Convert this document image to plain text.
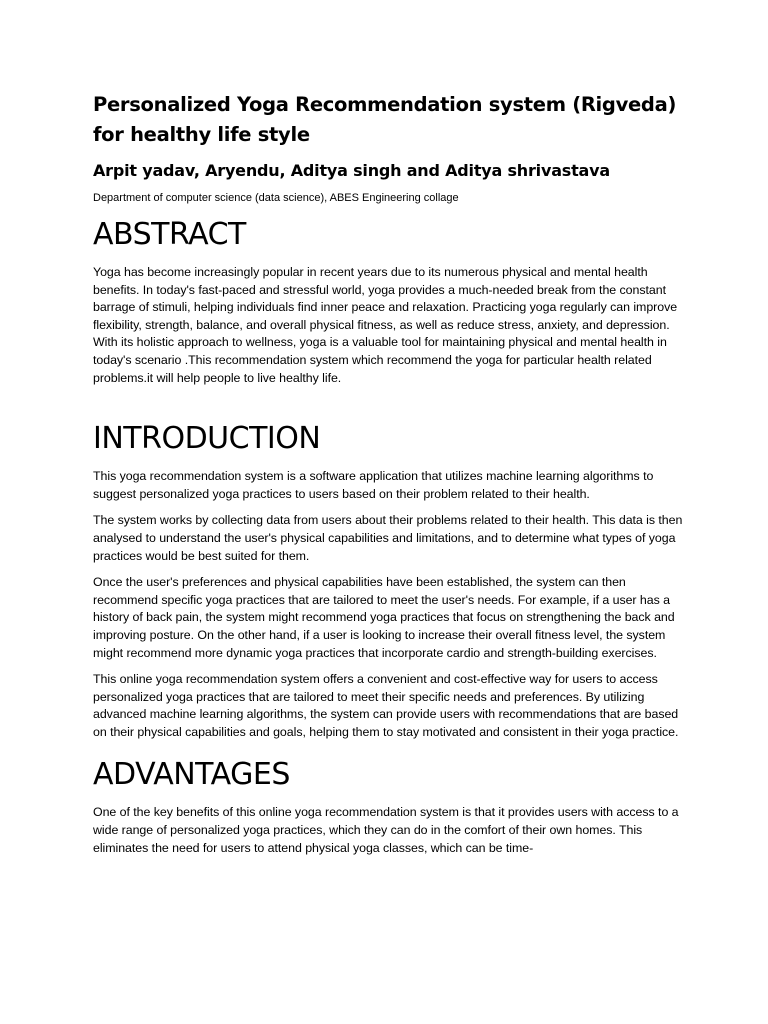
Personalized Yoga Recommendation system (Rigveda) for healthy life style

Arpit yadav, Aryendu, Aditya singh and Aditya shrivastava

Department of computer science (data science), ABES Engineering collage

ABSTRACT

Yoga has become increasingly popular in recent years due to its numerous physical and mental health benefits. In today's fast-paced and stressful world, yoga provides a much-needed break from the constant barrage of stimuli, helping individuals find inner peace and relaxation. Practicing yoga regularly can improve flexibility, strength, balance, and overall physical fitness, as well as reduce stress, anxiety, and depression. With its holistic approach to wellness, yoga is a valuable tool for maintaining physical and mental health in today's scenario .This recommendation system which recommend the yoga for particular health related problems.it will help people to live healthy life.

INTRODUCTION

This yoga recommendation system is a software application that utilizes machine learning algorithms to suggest personalized yoga practices to users based on their problem related to their health.

The system works by collecting data from users about their problems related to their health. This data is then analysed to understand the user's physical capabilities and limitations, and to determine what types of yoga practices would be best suited for them.

Once the user's preferences and physical capabilities have been established, the system can then recommend specific yoga practices that are tailored to meet the user's needs. For example, if a user has a history of back pain, the system might recommend yoga practices that focus on strengthening the back and improving posture. On the other hand, if a user is looking to increase their overall fitness level, the system might recommend more dynamic yoga practices that incorporate cardio and strength-building exercises.

This online yoga recommendation system offers a convenient and cost-effective way for users to access personalized yoga practices that are tailored to meet their specific needs and preferences. By utilizing advanced machine learning algorithms, the system can provide users with recommendations that are based on their physical capabilities and goals, helping them to stay motivated and consistent in their yoga practice.

ADVANTAGES

One of the key benefits of this online yoga recommendation system is that it provides users with access to a wide range of personalized yoga practices, which they can do in the comfort of their own homes. This eliminates the need for users to attend physical yoga classes, which can be time-
